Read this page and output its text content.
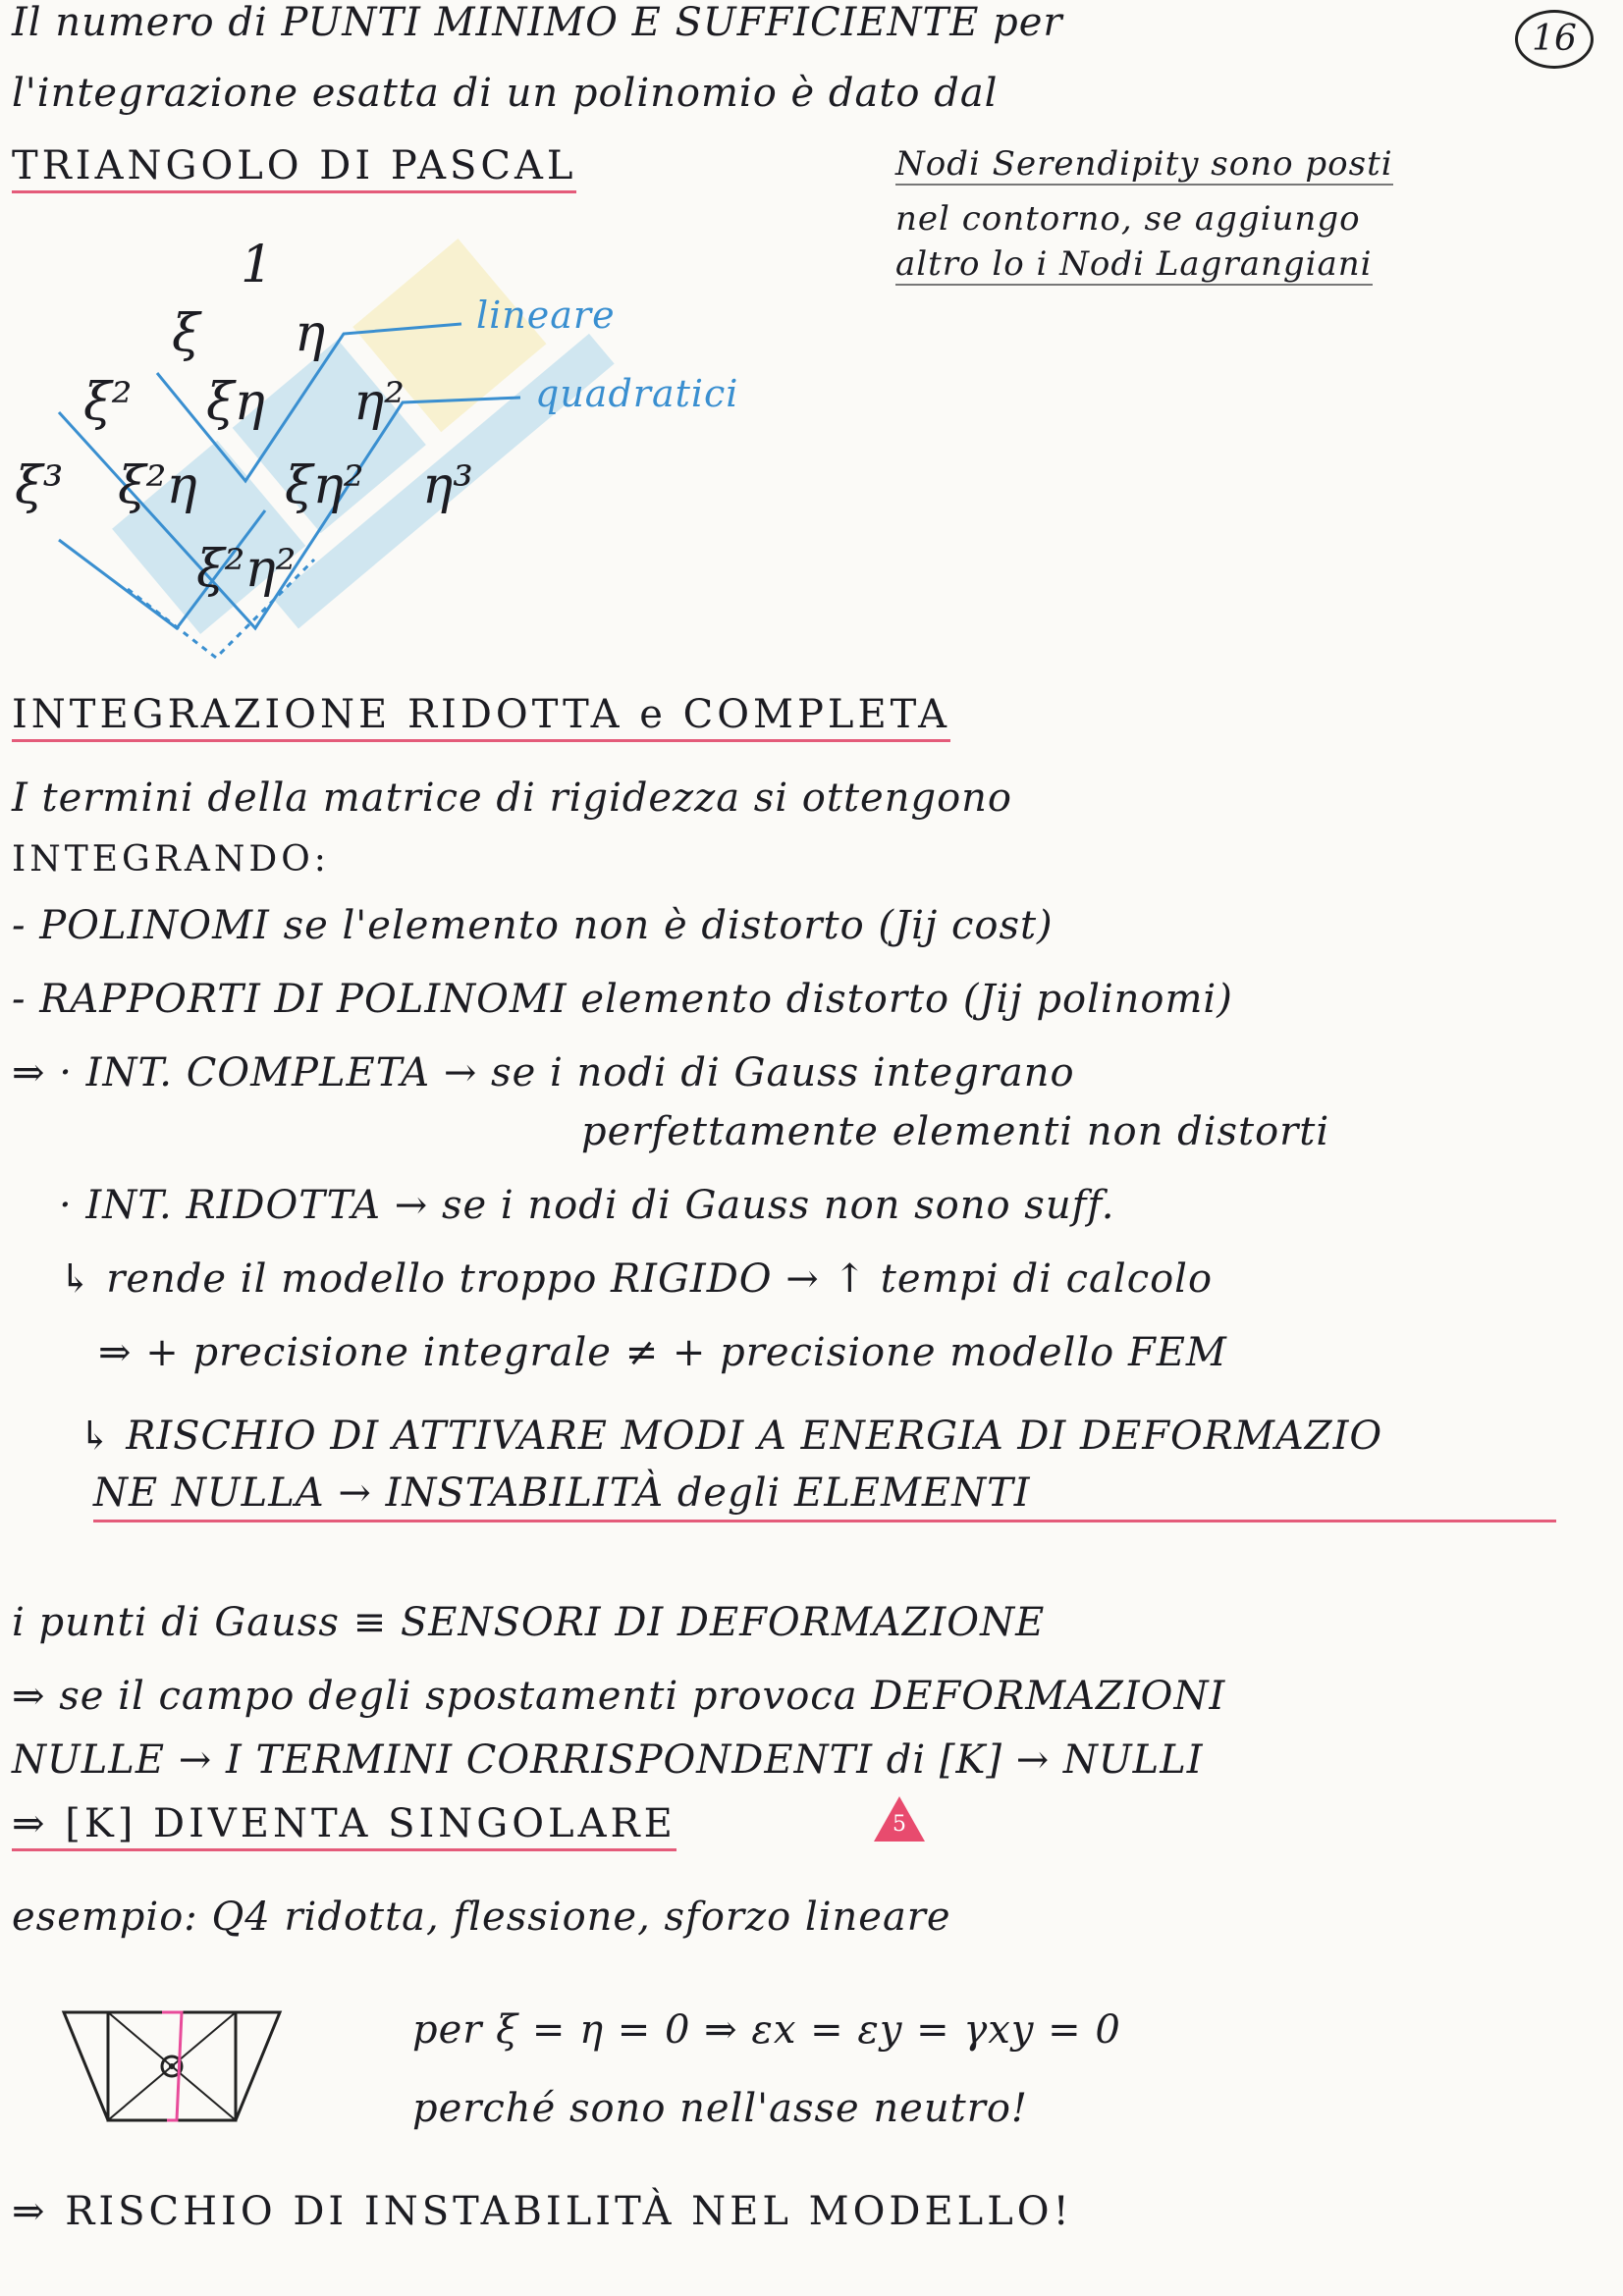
16
Il numero di PUNTI MINIMO E SUFFICIENTE per
l'integrazione esatta di un polinomio è dato dal
TRIANGOLO DI PASCAL	Nodi Serendipity sono posti
nel contorno, se aggiungo
altro lo i Nodi Lagrangiani
1
ξ η
ξ² ξη η²
ξ³ ξ²η ξη² η³
ξ²η²
lineare
quadratici
INTEGRAZIONE RIDOTTA e COMPLETA
I termini della matrice di rigidezza si ottengono
INTEGRANDO:
- POLINOMI se l'elemento non è distorto (Jij cost)
- RAPPORTI DI POLINOMI elemento distorto (Jij polinomi)
⇒ · INT. COMPLETA → se i nodi di Gauss integrano
perfettamente elementi non distorti
· INT. RIDOTTA → se i nodi di Gauss non sono suff.
↳ rende il modello troppo RIGIDO → ↑ tempi di calcolo
⇒ + precisione integrale ≠ + precisione modello FEM
↳ RISCHIO DI ATTIVARE MODI A ENERGIA DI DEFORMAZIO
NE NULLA → INSTABILITÀ degli ELEMENTI
i punti di Gauss ≡ SENSORI DI DEFORMAZIONE
⇒ se il campo degli spostamenti provoca DEFORMAZIONI
NULLE → I TERMINI CORRISPONDENTI di [K] → NULLI
⇒ [K] DIVENTA SINGOLARE	5
esempio: Q4 ridotta, flessione, sforzo lineare
per ξ = η = 0 ⇒ εx = εy = γxy = 0
perché sono nell'asse neutro!
⇒ RISCHIO DI INSTABILITÀ NEL MODELLO!
